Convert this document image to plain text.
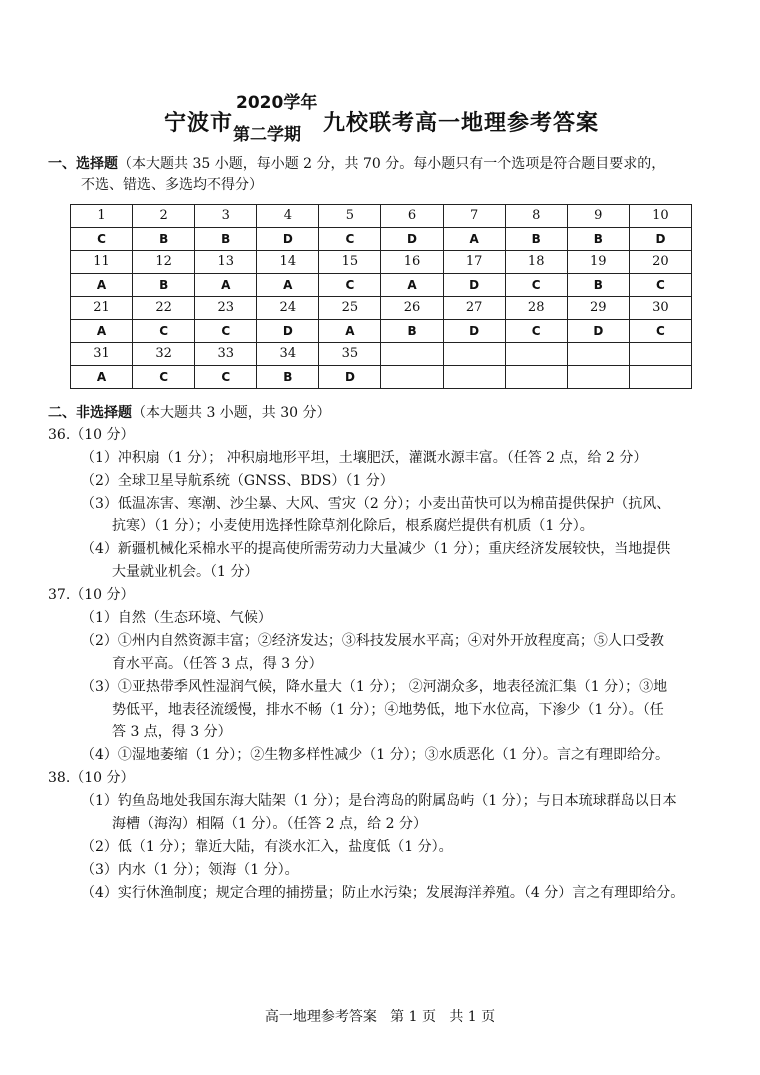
宁波市
2020学年
第二学期 九校联考高一地理参考答案
一、选择题（本大题共 35 小题，每小题 2 分，共 70 分。每小题只有一个选项是符合题目要求的，
不选、错选、多选均不得分）
1	2	3	4	5	6	7	8	9	10
C	B	B	D	C	D	A	B	B	D
11	12	13	14	15	16	17	18	19	20
A	B	A	A	C	A	D	C	B	C
21	22	23	24	25	26	27	28	29	30
A	C	C	D	A	B	D	C	D	C
31	32	33	34	35					
A	C	C	B	D					
二、非选择题（本大题共 3 小题，共 30 分）
36.（10 分）
（1）冲积扇（1 分）； 冲积扇地形平坦，土壤肥沃，灌溉水源丰富。（任答 2 点，给 2 分）
（2）全球卫星导航系统（GNSS、BDS）（1 分）
（3）低温冻害、寒潮、沙尘暴、大风、雪灾（2 分）；小麦出苗快可以为棉苗提供保护（抗风、
抗寒）（1 分）；小麦使用选择性除草剂化除后，根系腐烂提供有机质（1 分）。
（4）新疆机械化采棉水平的提高使所需劳动力大量减少（1 分）；重庆经济发展较快，当地提供
大量就业机会。（1 分）
37.（10 分）
（1）自然（生态环境、气候）
（2）①州内自然资源丰富；②经济发达；③科技发展水平高；④对外开放程度高；⑤人口受教
育水平高。（任答 3 点，得 3 分）
（3）①亚热带季风性湿润气候，降水量大（1 分）； ②河湖众多，地表径流汇集（1 分）；③地
势低平，地表径流缓慢，排水不畅（1 分）；④地势低，地下水位高，下渗少（1 分）。（任
答 3 点，得 3 分）
（4）①湿地萎缩（1 分）；②生物多样性减少（1 分）；③水质恶化（1 分）。言之有理即给分。
38.（10 分）
（1）钓鱼岛地处我国东海大陆架（1 分）；是台湾岛的附属岛屿（1 分）；与日本琉球群岛以日本
海槽（海沟）相隔（1 分）。（任答 2 点，给 2 分）
（2）低（1 分）；靠近大陆，有淡水汇入，盐度低（1 分）。
（3）内水（1 分）；领海（1 分）。
（4）实行休渔制度；规定合理的捕捞量；防止水污染；发展海洋养殖。（4 分）言之有理即给分。
高一地理参考答案   第 1 页   共 1 页
